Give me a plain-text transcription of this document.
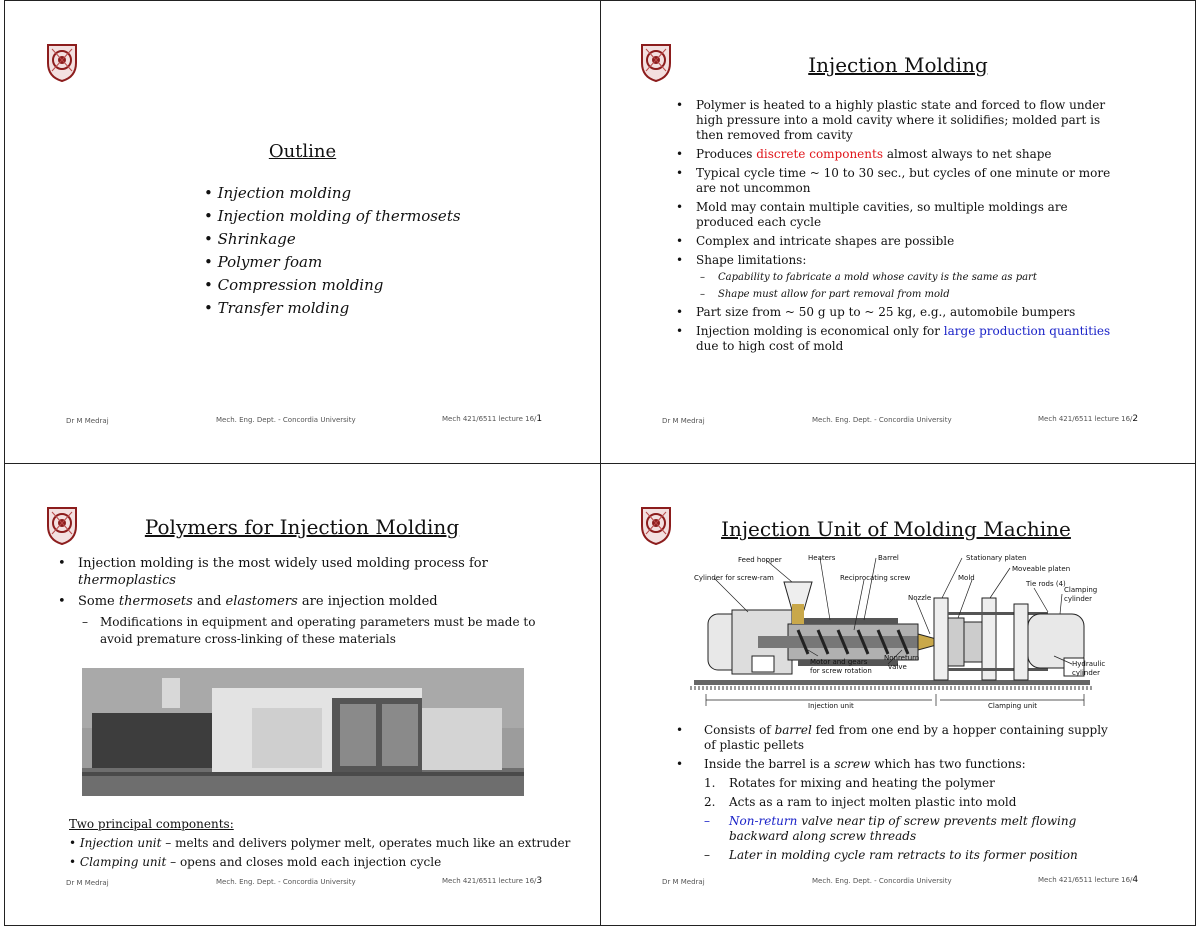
Outline
• Injection molding
• Injection molding of thermosets
• Shrinkage
• Polymer foam
• Compression molding
• Transfer molding
Dr M Medraj	Mech. Eng. Dept. - Concordia University	Mech 421/6511 lecture 16/1
Injection Molding
• Polymer is heated to a highly plastic state and forced to flow under high pressure into a mold cavity where it solidifies; molded part is then removed from cavity
• Produces discrete components almost always to net shape
• Typical cycle time ~ 10 to 30 sec., but cycles of one minute or more are not uncommon
• Mold may contain multiple cavities, so multiple moldings are produced each cycle
• Complex and intricate shapes are possible
• Shape limitations:
– Capability to fabricate a mold whose cavity is the same as part
– Shape must allow for part removal from mold
• Part size from ~ 50 g up to ~ 25 kg, e.g., automobile bumpers
• Injection molding is economical only for large production quantities due to high cost of mold
Dr M Medraj	Mech. Eng. Dept. - Concordia University	Mech 421/6511 lecture 16/2
Polymers for Injection Molding
• Injection molding is the most widely used molding process for thermoplastics
• Some thermosets and elastomers are injection molded
– Modifications in equipment and operating parameters must be made to avoid premature cross-linking of these materials
Two principal components:
• Injection unit – melts and delivers polymer melt, operates much like an extruder
• Clamping unit – opens and closes mold each injection cycle
Dr M Medraj	Mech. Eng. Dept. - Concordia University	Mech 421/6511 lecture 16/3
Injection Unit of Molding Machine
Feed hopper	Heaters	Barrel	Stationary platen
Moveable platen
Cylinder for screw-ram	Reciprocating screw	Mold
Tie rods (4)
Clamping
cylinder
Nozzle
Motor and gears
for screw rotation
Nonreturn
valve	Hydraulic
cylinder
Injection unit	Clamping unit
• Consists of barrel fed from one end by a hopper containing supply of plastic pellets
• Inside the barrel is a screw which has two functions:
1. Rotates for mixing and heating the polymer
2. Acts as a ram to inject molten plastic into mold
– Non-return valve near tip of screw prevents melt flowing backward along screw threads
– Later in molding cycle ram retracts to its former position
Dr M Medraj	Mech. Eng. Dept. - Concordia University	Mech 421/6511 lecture 16/4
